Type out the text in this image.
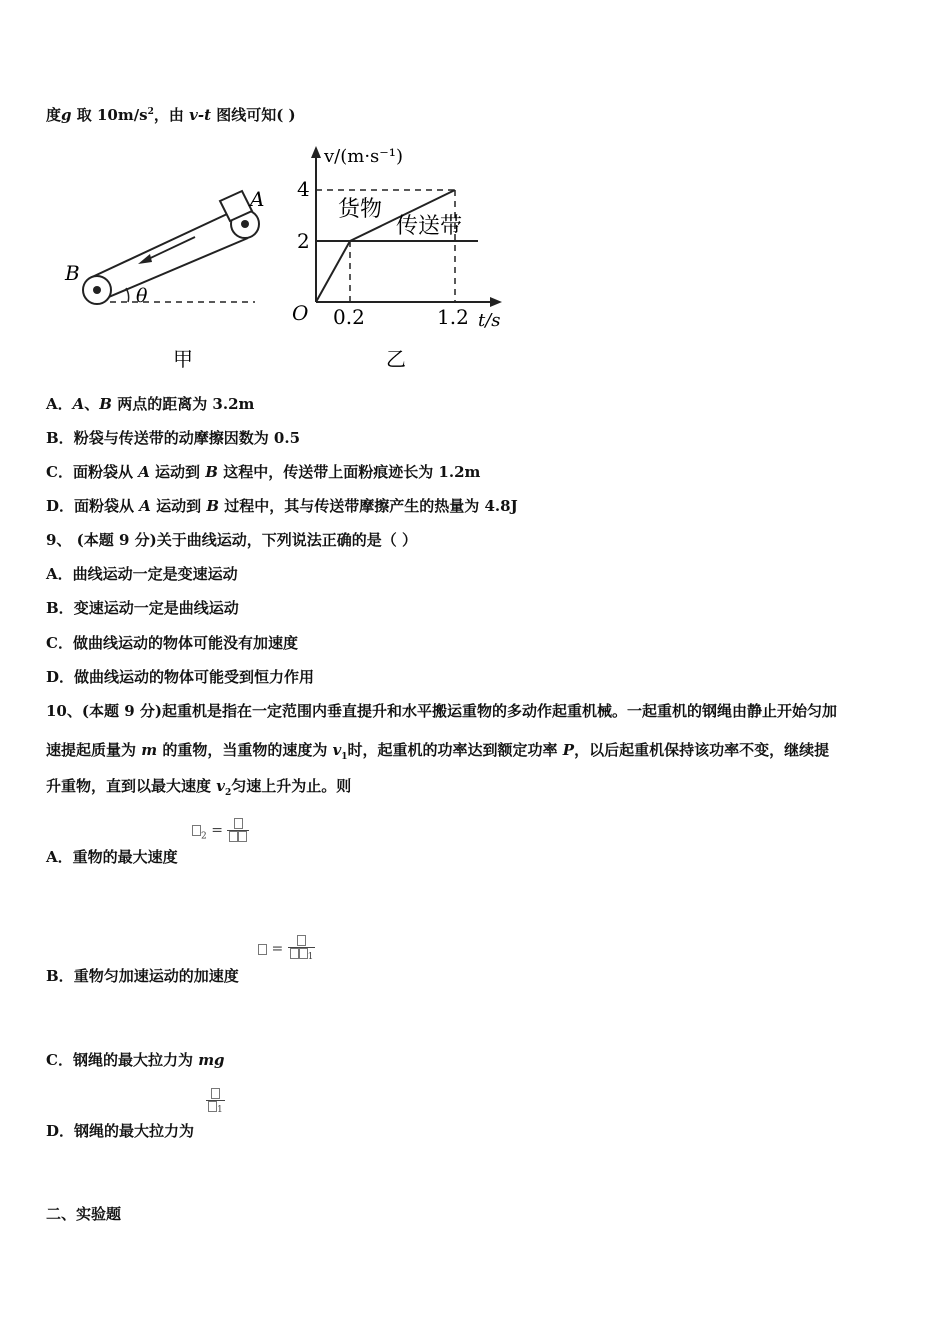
度g 取 $10m/s^2$，由 v-t 图线可知( )
A
B
θ
甲
v/(m·s⁻¹)
t/s
O
4
2
0.2	1.2
货物
传送带
乙
A．A、B 两点的距离为 3.2m
B．粉袋与传送带的动摩擦因数为 0.5
C．面粉袋从 A 运动到 B 这程中，传送带上面粉痕迹长为 1.2m
D．面粉袋从 A 运动到 B 过程中，其与传送带摩擦产生的热量为 4.8J
9、 (本题 9 分)关于曲线运动，下列说法正确的是（ ）
A．曲线运动一定是变速运动
B．变速运动一定是曲线运动
C．做曲线运动的物体可能没有加速度
D．做曲线运动的物体可能受到恒力作用
10、(本题 9 分)起重机是指在一定范围内垂直提升和水平搬运重物的多动作起重机械。一起重机的钢绳由静止开始匀加
速提起质量为 m 的重物，当重物的速度为 $v_1$时，起重机的功率达到额定功率 P，以后起重机保持该功率不变，继续提
升重物，直到以最大速度 $v_2$匀速上升为止。则
$_2$ =
A．重物的最大速度
=	1
B．重物匀加速运动的加速度
C．钢绳的最大拉力为 mg
1
D．钢绳的最大拉力为
二、实验题
